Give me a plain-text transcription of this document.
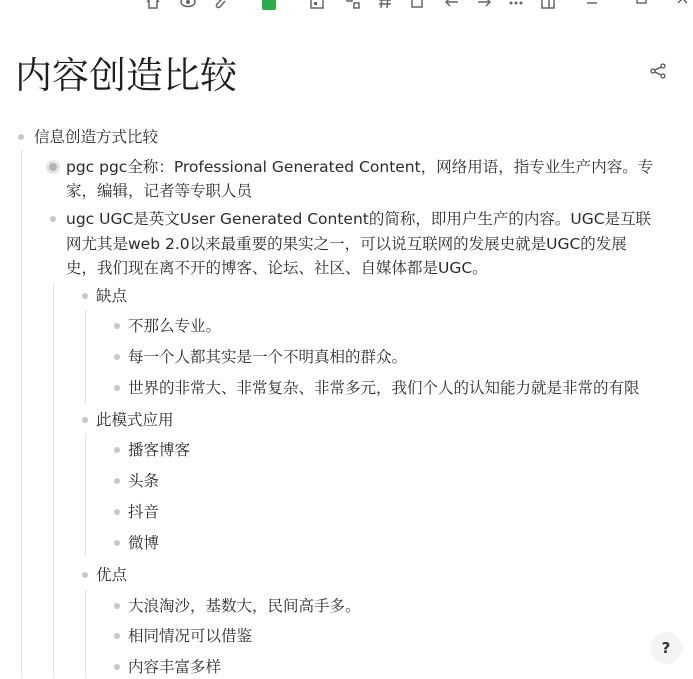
内容创造比较
信息创造方式比较
pgc pgc全称：Professional Generated Content，网络用语，指专业生产内容。专
家，编辑，记者等专职人员
ugc UGC是英文User Generated Content的简称，即用户生产的内容。UGC是互联
网尤其是web 2.0以来最重要的果实之一，可以说互联网的发展史就是UGC的发展
史，我们现在离不开的博客、论坛、社区、自媒体都是UGC。
缺点
不那么专业。
每一个人都其实是一个不明真相的群众。
世界的非常大、非常复杂、非常多元，我们个人的认知能力就是非常的有限
此模式应用
播客博客
头条
抖音
微博
优点
大浪淘沙，基数大，民间高手多。
相同情况可以借鉴
内容丰富多样
?
